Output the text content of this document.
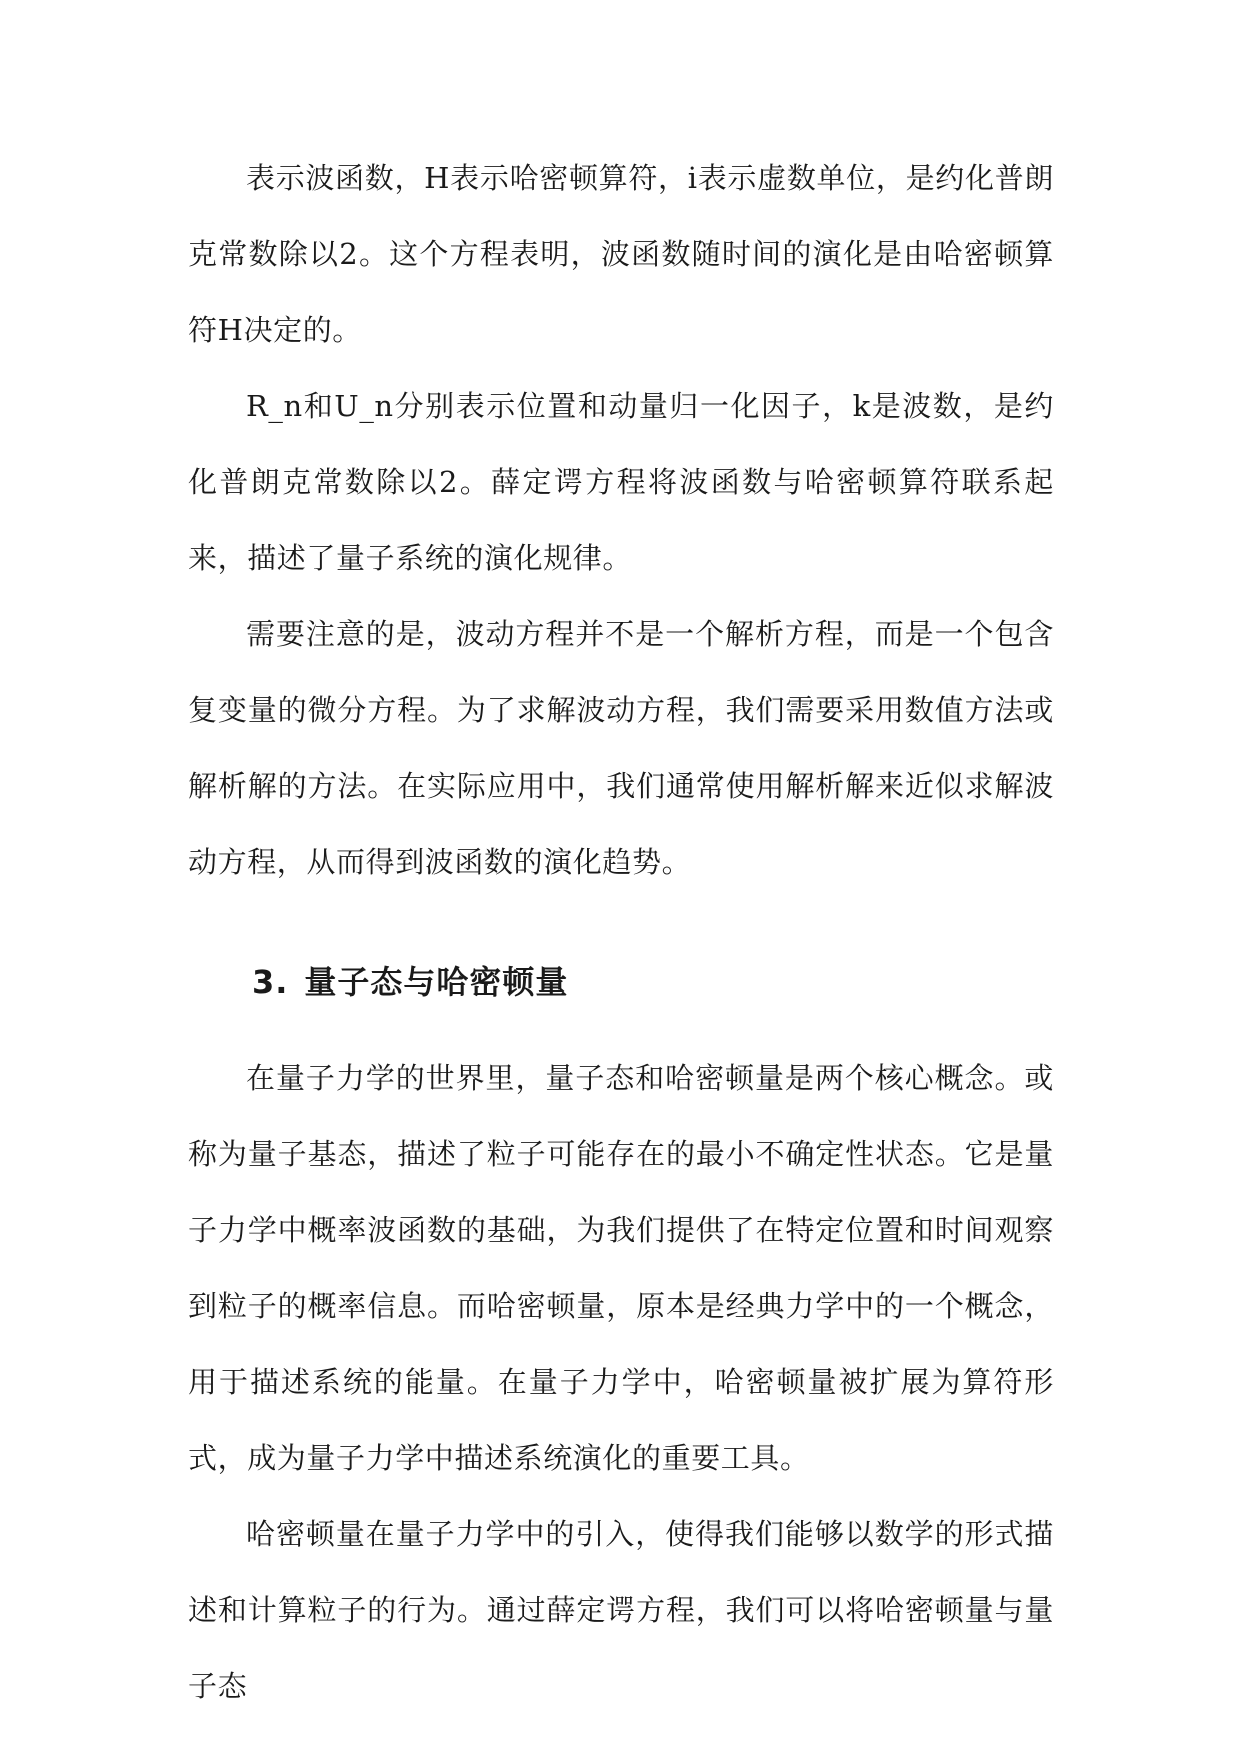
表示波函数，H表示哈密顿算符，i表示虚数单位，是约化普朗克常数除以2。这个方程表明，波函数随时间的演化是由哈密顿算符H决定的。

R_n和U_n分别表示位置和动量归一化因子，k是波数，是约化普朗克常数除以2。薛定谔方程将波函数与哈密顿算符联系起来，描述了量子系统的演化规律。

需要注意的是，波动方程并不是一个解析方程，而是一个包含复变量的微分方程。为了求解波动方程，我们需要采用数值方法或解析解的方法。在实际应用中，我们通常使用解析解来近似求解波动方程，从而得到波函数的演化趋势。

3. 量子态与哈密顿量

在量子力学的世界里，量子态和哈密顿量是两个核心概念。或称为量子基态，描述了粒子可能存在的最小不确定性状态。它是量子力学中概率波函数的基础，为我们提供了在特定位置和时间观察到粒子的概率信息。而哈密顿量，原本是经典力学中的一个概念，用于描述系统的能量。在量子力学中，哈密顿量被扩展为算符形式，成为量子力学中描述系统演化的重要工具。

哈密顿量在量子力学中的引入，使得我们能够以数学的形式描述和计算粒子的行为。通过薛定谔方程，我们可以将哈密顿量与量子态
